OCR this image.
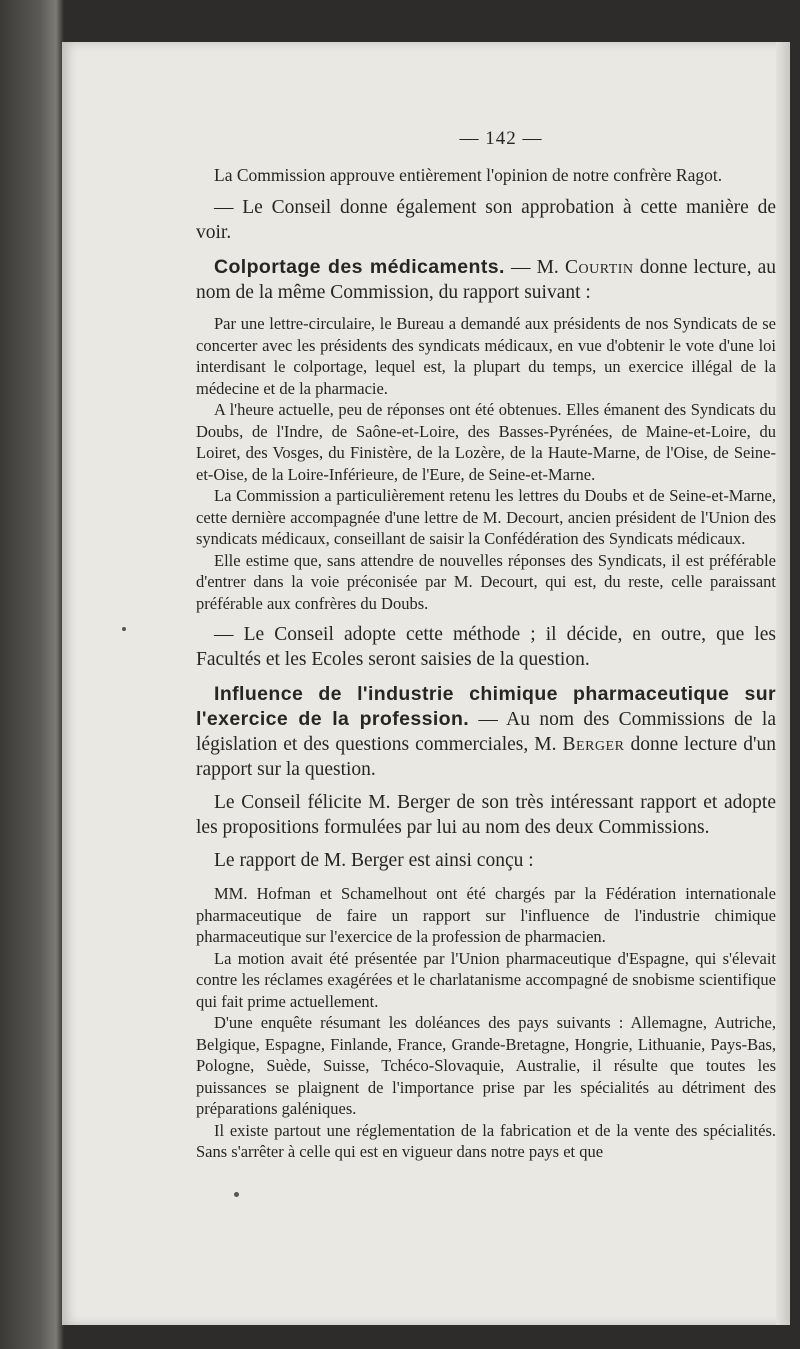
— 142 —

La Commission approuve entièrement l'opinion de notre confrère Ragot.

— Le Conseil donne également son approbation à cette manière de voir.

Colportage des médicaments. — M. Courtin donne lecture, au nom de la même Commission, du rapport suivant :

Par une lettre-circulaire, le Bureau a demandé aux présidents de nos Syndicats de se concerter avec les présidents des syndicats médicaux, en vue d'obtenir le vote d'une loi interdisant le colportage, lequel est, la plupart du temps, un exercice illégal de la médecine et de la pharmacie.

A l'heure actuelle, peu de réponses ont été obtenues. Elles émanent des Syndicats du Doubs, de l'Indre, de Saône-et-Loire, des Basses-Pyrénées, de Maine-et-Loire, du Loiret, des Vosges, du Finistère, de la Lozère, de la Haute-Marne, de l'Oise, de Seine-et-Oise, de la Loire-Inférieure, de l'Eure, de Seine-et-Marne.

La Commission a particulièrement retenu les lettres du Doubs et de Seine-et-Marne, cette dernière accompagnée d'une lettre de M. Decourt, ancien président de l'Union des syndicats médicaux, conseillant de saisir la Confédération des Syndicats médicaux.

Elle estime que, sans attendre de nouvelles réponses des Syndicats, il est préférable d'entrer dans la voie préconisée par M. Decourt, qui est, du reste, celle paraissant préférable aux confrères du Doubs.

— Le Conseil adopte cette méthode ; il décide, en outre, que les Facultés et les Ecoles seront saisies de la question.

Influence de l'industrie chimique pharmaceutique sur l'exercice de la profession. — Au nom des Commissions de la législation et des questions commerciales, M. Berger donne lecture d'un rapport sur la question.

Le Conseil félicite M. Berger de son très intéressant rapport et adopte les propositions formulées par lui au nom des deux Commissions.

Le rapport de M. Berger est ainsi conçu :

MM. Hofman et Schamelhout ont été chargés par la Fédération internationale pharmaceutique de faire un rapport sur l'influence de l'industrie chimique pharmaceutique sur l'exercice de la profession de pharmacien.

La motion avait été présentée par l'Union pharmaceutique d'Espagne, qui s'élevait contre les réclames exagérées et le charlatanisme accompagné de snobisme scientifique qui fait prime actuellement.

D'une enquête résumant les doléances des pays suivants : Allemagne, Autriche, Belgique, Espagne, Finlande, France, Grande-Bretagne, Hongrie, Lithuanie, Pays-Bas, Pologne, Suède, Suisse, Tchéco-Slovaquie, Australie, il résulte que toutes les puissances se plaignent de l'importance prise par les spécialités au détriment des préparations galéniques.

Il existe partout une réglementation de la fabrication et de la vente des spécialités. Sans s'arrêter à celle qui est en vigueur dans notre pays et que
